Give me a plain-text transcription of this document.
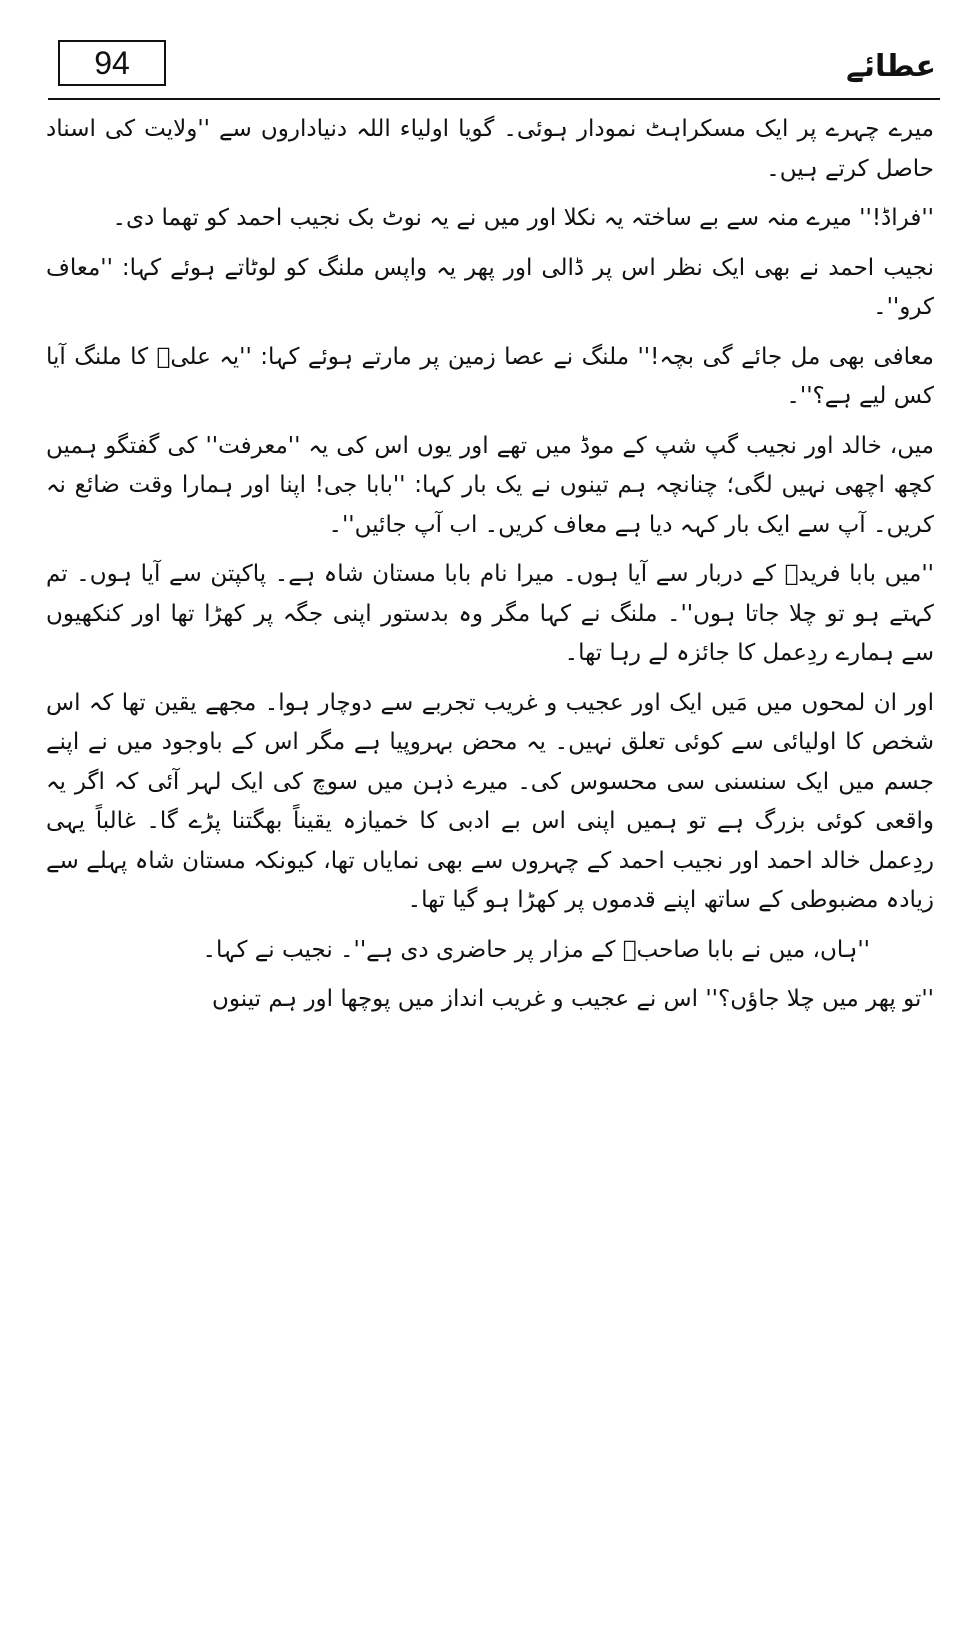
94	عطائے

میرے چہرے پر ایک مسکراہٹ نمودار ہوئی۔ گویا اولیاء اللہ دنیاداروں سے ''ولایت کی اسناد حاصل کرتے ہیں۔

''فراڈ!'' میرے منہ سے بے ساختہ یہ نکلا اور میں نے یہ نوٹ بک نجیب احمد کو تھما دی۔

نجیب احمد نے بھی ایک نظر اس پر ڈالی اور پھر یہ واپس ملنگ کو لوٹاتے ہوئے کہا: ''معاف کرو''۔

معافی بھی مل جائے گی بچہ!'' ملنگ نے عصا زمین پر مارتے ہوئے کہا: ''یہ علیؓ کا ملنگ آیا کس لیے ہے؟''۔

میں، خالد اور نجیب گپ شپ کے موڈ میں تھے اور یوں اس کی یہ ''معرفت'' کی گفتگو ہمیں کچھ اچھی نہیں لگی؛ چنانچہ ہم تینوں نے یک بار کہا: ''بابا جی! اپنا اور ہمارا وقت ضائع نہ کریں۔ آپ سے ایک بار کہہ دیا ہے معاف کریں۔ اب آپ جائیں''۔

''میں بابا فریدؒ کے دربار سے آیا ہوں۔ میرا نام بابا مستان شاہ ہے۔ پاکپتن سے آیا ہوں۔ تم کہتے ہو تو چلا جاتا ہوں''۔ ملنگ نے کہا مگر وہ بدستور اپنی جگہ پر کھڑا تھا اور کنکھیوں سے ہمارے ردِعمل کا جائزہ لے رہا تھا۔

اور ان لمحوں میں مَیں ایک اور عجیب و غریب تجربے سے دوچار ہوا۔ مجھے یقین تھا کہ اس شخص کا اولیائی سے کوئی تعلق نہیں۔ یہ محض بہروپیا ہے مگر اس کے باوجود میں نے اپنے جسم میں ایک سنسنی سی محسوس کی۔ میرے ذہن میں سوچ کی ایک لہر آئی کہ اگر یہ واقعی کوئی بزرگ ہے تو ہمیں اپنی اس بے ادبی کا خمیازہ یقیناً بھگتنا پڑے گا۔ غالباً یہی ردِعمل خالد احمد اور نجیب احمد کے چہروں سے بھی نمایاں تھا، کیونکہ مستان شاہ پہلے سے زیادہ مضبوطی کے ساتھ اپنے قدموں پر کھڑا ہو گیا تھا۔

''ہاں، میں نے بابا صاحبؒ کے مزار پر حاضری دی ہے''۔ نجیب نے کہا۔

''تو پھر میں چلا جاؤں؟'' اس نے عجیب و غریب انداز میں پوچھا اور ہم تینوں
